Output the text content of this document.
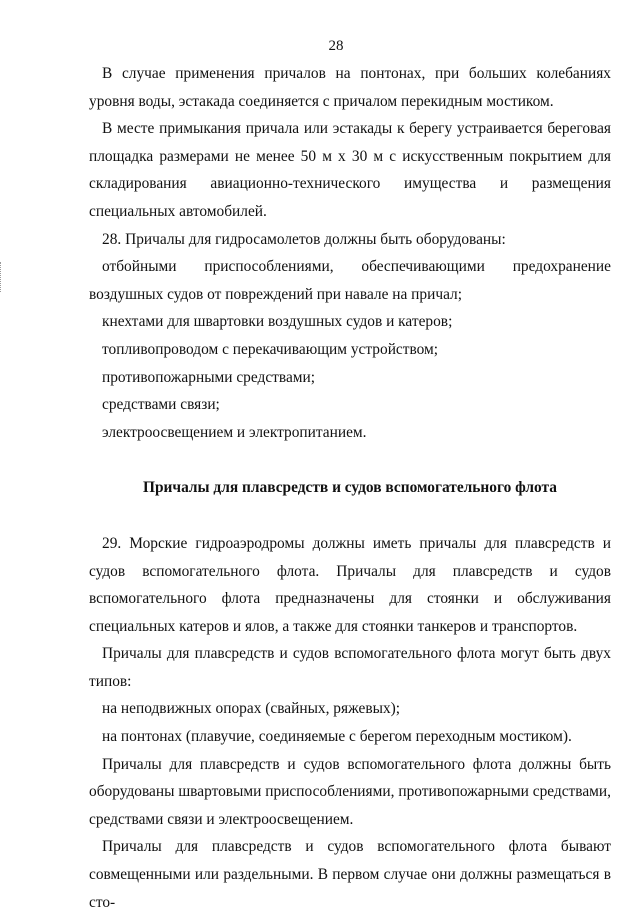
28

В случае применения причалов на понтонах, при больших колебаниях уровня воды, эстакада соединяется с причалом перекидным мостиком.

В месте примыкания причала или эстакады к берегу устраивается береговая площадка размерами не менее 50 м х 30 м с искусственным покрытием для складирования авиационно-технического имущества и размещения специальных автомобилей.

28. Причалы для гидросамолетов должны быть оборудованы:

отбойными приспособлениями, обеспечивающими предохранение воздушных судов от повреждений при навале на причал;

кнехтами для швартовки воздушных судов и катеров;

топливопроводом с перекачивающим устройством;

противопожарными средствами;

средствами связи;

электроосвещением и электропитанием.

Причалы для плавсредств и судов вспомогательного флота

29. Морские гидроаэродромы должны иметь причалы для плавсредств и судов вспомогательного флота. Причалы для плавсредств и судов вспомогательного флота предназначены для стоянки и обслуживания специальных катеров и ялов, а также для стоянки танкеров и транспортов.

Причалы для плавсредств и судов вспомогательного флота могут быть двух типов:

на неподвижных опорах (свайных, ряжевых);

на понтонах (плавучие, соединяемые с берегом переходным мостиком).

Причалы для плавсредств и судов вспомогательного флота должны быть оборудованы швартовыми приспособлениями, противопожарными средствами, средствами связи и электроосвещением.

Причалы для плавсредств и судов вспомогательного флота бывают совмещенными или раздельными. В первом случае они должны размещаться в сто-
